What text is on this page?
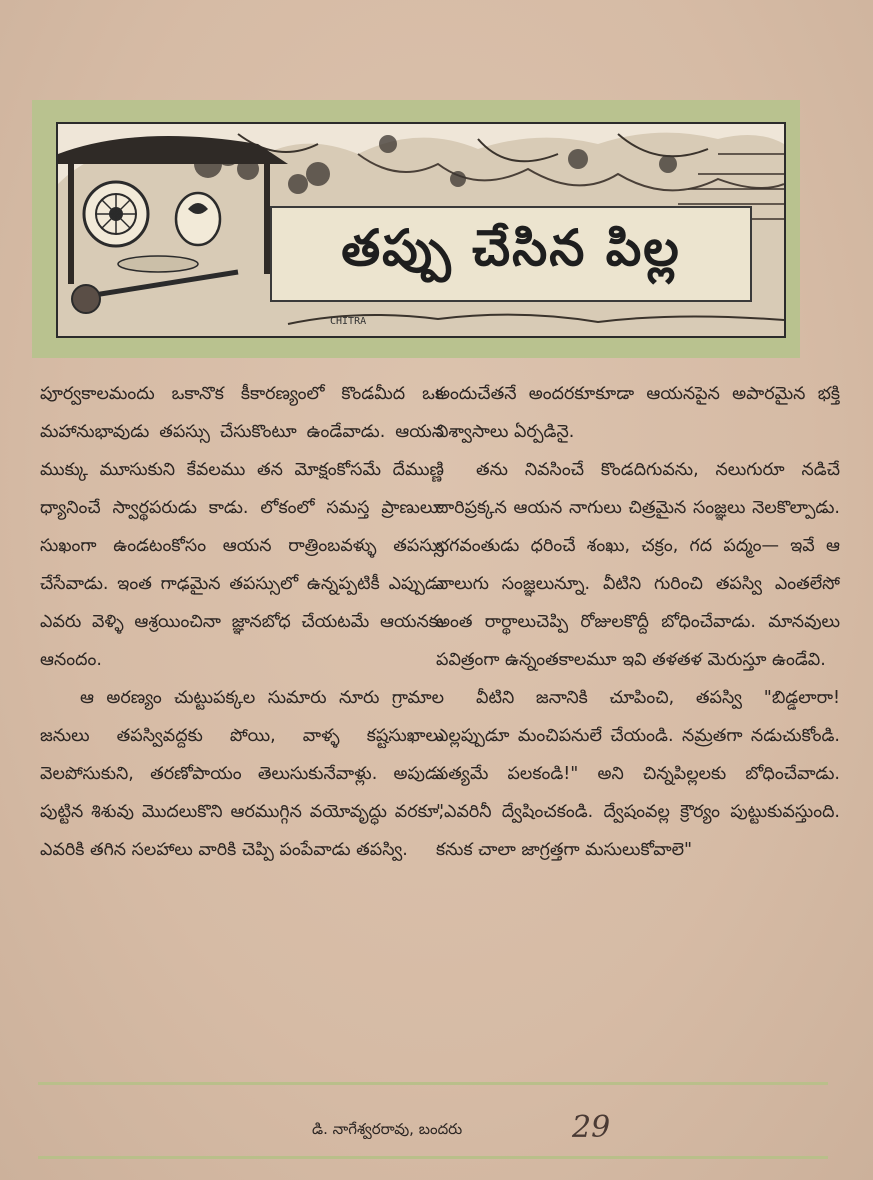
తప్పు చేసిన పిల్ల
CHITRA

పూర్వకాలమందు ఒకానొక కీకారణ్యంలో కొండమీద ఒక మహానుభావుడు తపస్సు చేసుకొంటూ ఉండేవాడు. ఆయన ముక్కు మూసుకుని కేవలము తన మోక్షంకోసమే దేముణ్ణి ధ్యానించే స్వార్థపరుడు కాడు. లోకంలో సమస్త ప్రాణులూ సుఖంగా ఉండటంకోసం ఆయన రాత్రింబవళ్ళు తపస్సు చేసేవాడు. ఇంత గాఢమైన తపస్సులో ఉన్నప్పటికీ ఎప్పుడు ఎవరు వెళ్ళి ఆశ్రయించినా జ్ఞానబోధ చేయటమే ఆయనకు ఆనందం.

ఆ అరణ్యం చుట్టుపక్కల సుమారు నూరు గ్రామాల జనులు తపస్వివద్దకు పోయి, వాళ్ళ కష్టసుఖాలు వెలపోసుకుని, తరణోపాయం తెలుసుకునేవాళ్లు. అపుడు పుట్టిన శిశువు మొదలుకొని ఆరముగ్గిన వయోవృద్ధు వరకూ, ఎవరికి తగిన సలహాలు వారికి చెప్పి పంపేవాడు తపస్వి.

అందుచేతనే అందరకూకూడా ఆయనపైన అపారమైన భక్తి విశ్వాసాలు ఏర్పడినై.

తను నివసించే కొండదిగువను, నలుగురూ నడిచే దారిప్రక్కన ఆయన నాగులు చిత్రమైన సంజ్ఞలు నెలకొల్పాడు. భగవంతుడు ధరించే శంఖు, చక్రం, గద పద్మం— ఇవే ఆ నాలుగు సంజ్ఞలున్నూ. వీటిని గురించి తపస్వి ఎంతలేసో అంత రార్థాలుచెప్పి రోజులకొద్దీ బోధించేవాడు. మానవులు పవిత్రంగా ఉన్నంతకాలమూ ఇవి తళతళ మెరుస్తూ ఉండేవి.

వీటిని జనానికి చూపించి, తపస్వి "బిడ్డలారా! ఎల్లప్పుడూ మంచిపనులే చేయండి. నమ్రతగా నడుచుకోండి. సత్యమే పలకండి!" అని చిన్నపిల్లలకు బోధించేవాడు. "ఎవరినీ ద్వేషించకండి. ద్వేషంవల్ల క్రౌర్యం పుట్టుకువస్తుంది. కనుక చాలా జాగ్రత్తగా మసులుకోవాలె"

డి. నాగేశ్వరరావు, బందరు	29
